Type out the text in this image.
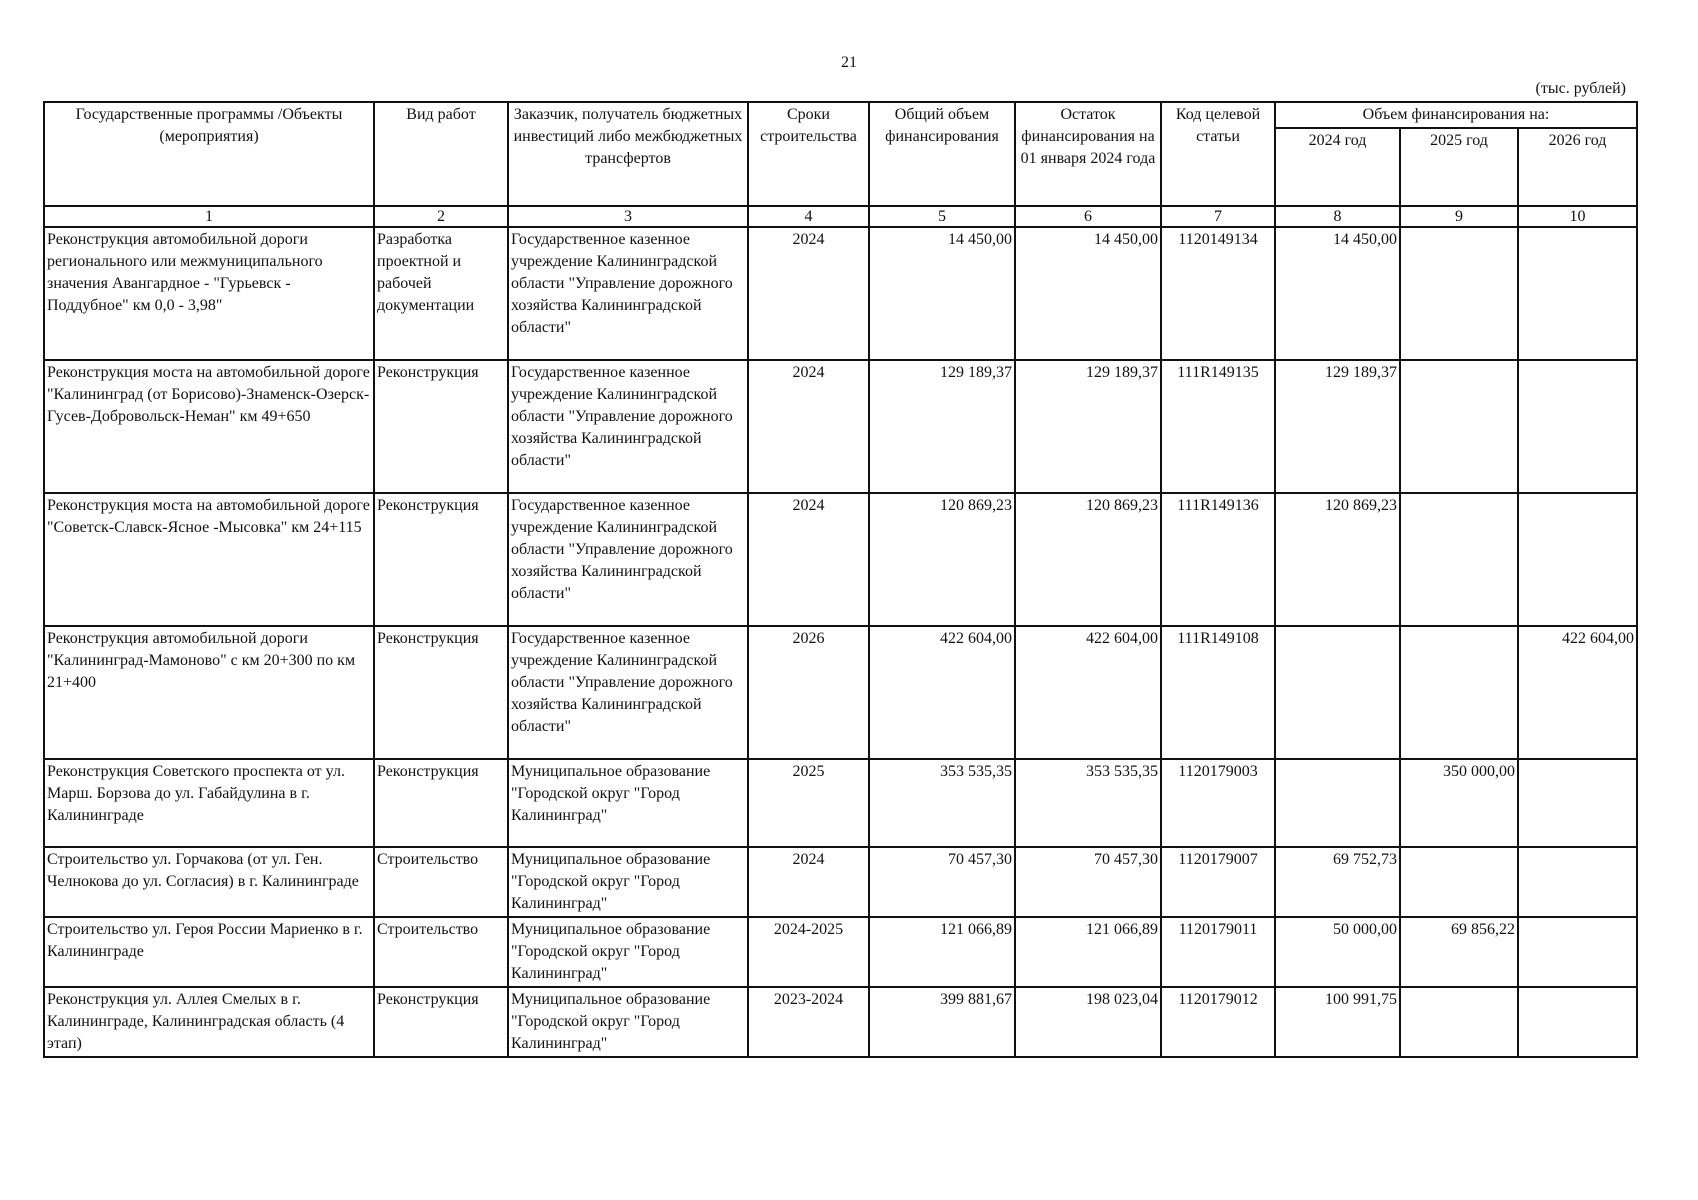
21
(тыс. рублей)
Государственные программы /Объекты (мероприятия)	Вид работ	Заказчик, получатель бюджетных инвестиций либо межбюджетных трансфертов	Сроки строительства	Общий объем финансирования	Остаток финансирования на 01 января 2024 года	Код целевой статьи	Объем финансирования на:		
							2024 год	2025 год	2026 год
1	2	3	4	5	6	7	8	9	10
Реконструкция автомобильной дороги регионального или межмуниципального значения Авангардное - "Гурьевск - Поддубное" км 0,0 - 3,98"	Разработка проектной и рабочей документации	Государственное казенное учреждение Калининградской области "Управление дорожного хозяйства Калининградской области"	2024	14 450,00	14 450,00	1120149134	14 450,00		
Реконструкция моста на автомобильной дороге "Калининград (от Борисово)-Знаменск-Озерск-Гусев-Добровольск-Неман" км 49+650	Реконструкция	Государственное казенное учреждение Калининградской области "Управление дорожного хозяйства Калининградской области"	2024	129 189,37	129 189,37	111R149135	129 189,37		
Реконструкция моста на автомобильной дороге "Советск-Славск-Ясное -Мысовка" км 24+115	Реконструкция	Государственное казенное учреждение Калининградской области "Управление дорожного хозяйства Калининградской области"	2024	120 869,23	120 869,23	111R149136	120 869,23		
Реконструкция автомобильной дороги "Калининград-Мамоново" с км 20+300 по км 21+400	Реконструкция	Государственное казенное учреждение Калининградской области "Управление дорожного хозяйства Калининградской области"	2026	422 604,00	422 604,00	111R149108			422 604,00
Реконструкция Советского проспекта от ул. Марш. Борзова до ул. Габайдулина в г. Калининграде	Реконструкция	Муниципальное образование "Городской округ "Город Калининград"	2025	353 535,35	353 535,35	1120179003		350 000,00	
Строительство ул. Горчакова (от ул. Ген. Челнокова до ул. Согласия) в г. Калининграде	Строительство	Муниципальное образование "Городской округ "Город Калининград"	2024	70 457,30	70 457,30	1120179007	69 752,73		
Строительство ул. Героя России Мариенко в г. Калининграде	Строительство	Муниципальное образование "Городской округ "Город Калининград"	2024-2025	121 066,89	121 066,89	1120179011	50 000,00	69 856,22	
Реконструкция ул. Аллея Смелых в г. Калининграде, Калининградская область (4 этап)	Реконструкция	Муниципальное образование "Городской округ "Город Калининград"	2023-2024	399 881,67	198 023,04	1120179012	100 991,75		
